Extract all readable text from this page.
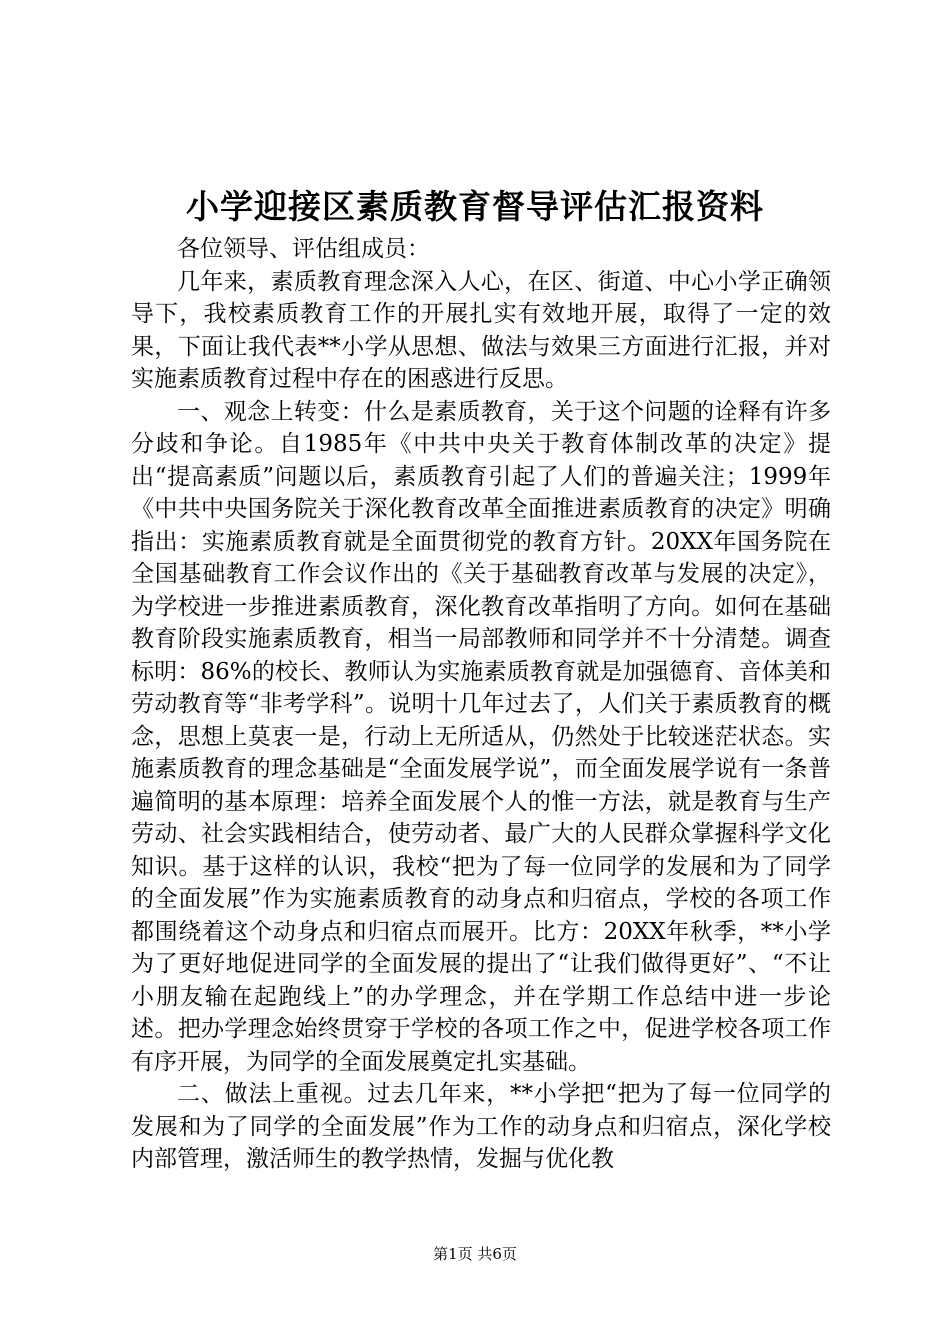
小学迎接区素质教育督导评估汇报资料

各位领导、评估组成员：

几年来，素质教育理念深入人心，在区、街道、中心小学正确领导下，我校素质教育工作的开展扎实有效地开展，取得了一定的效果，下面让我代表**小学从思想、做法与效果三方面进行汇报，并对实施素质教育过程中存在的困惑进行反思。

一、观念上转变：什么是素质教育，关于这个问题的诠释有许多分歧和争论。自1985年《中共中央关于教育体制改革的决定》提出“提高素质”问题以后，素质教育引起了人们的普遍关注；1999年《中共中央国务院关于深化教育改革全面推进素质教育的决定》明确指出：实施素质教育就是全面贯彻党的教育方针。20XX年国务院在全国基础教育工作会议作出的《关于基础教育改革与发展的决定》，为学校进一步推进素质教育，深化教育改革指明了方向。如何在基础教育阶段实施素质教育，相当一局部教师和同学并不十分清楚。调查标明：86%的校长、教师认为实施素质教育就是加强德育、音体美和劳动教育等“非考学科”。说明十几年过去了，人们关于素质教育的概念，思想上莫衷一是，行动上无所适从，仍然处于比较迷茫状态。实施素质教育的理念基础是“全面发展学说”，而全面发展学说有一条普遍简明的基本原理：培养全面发展个人的惟一方法，就是教育与生产劳动、社会实践相结合，使劳动者、最广大的人民群众掌握科学文化知识。基于这样的认识，我校“把为了每一位同学的发展和为了同学的全面发展”作为实施素质教育的动身点和归宿点，学校的各项工作都围绕着这个动身点和归宿点而展开。比方：20XX年秋季，**小学为了更好地促进同学的全面发展的提出了“让我们做得更好”、“不让小朋友输在起跑线上”的办学理念，并在学期工作总结中进一步论述。把办学理念始终贯穿于学校的各项工作之中，促进学校各项工作有序开展，为同学的全面发展奠定扎实基础。

二、做法上重视。过去几年来，**小学把“把为了每一位同学的发展和为了同学的全面发展”作为工作的动身点和归宿点，深化学校内部管理，激活师生的教学热情，发掘与优化教

第1页 共6页
